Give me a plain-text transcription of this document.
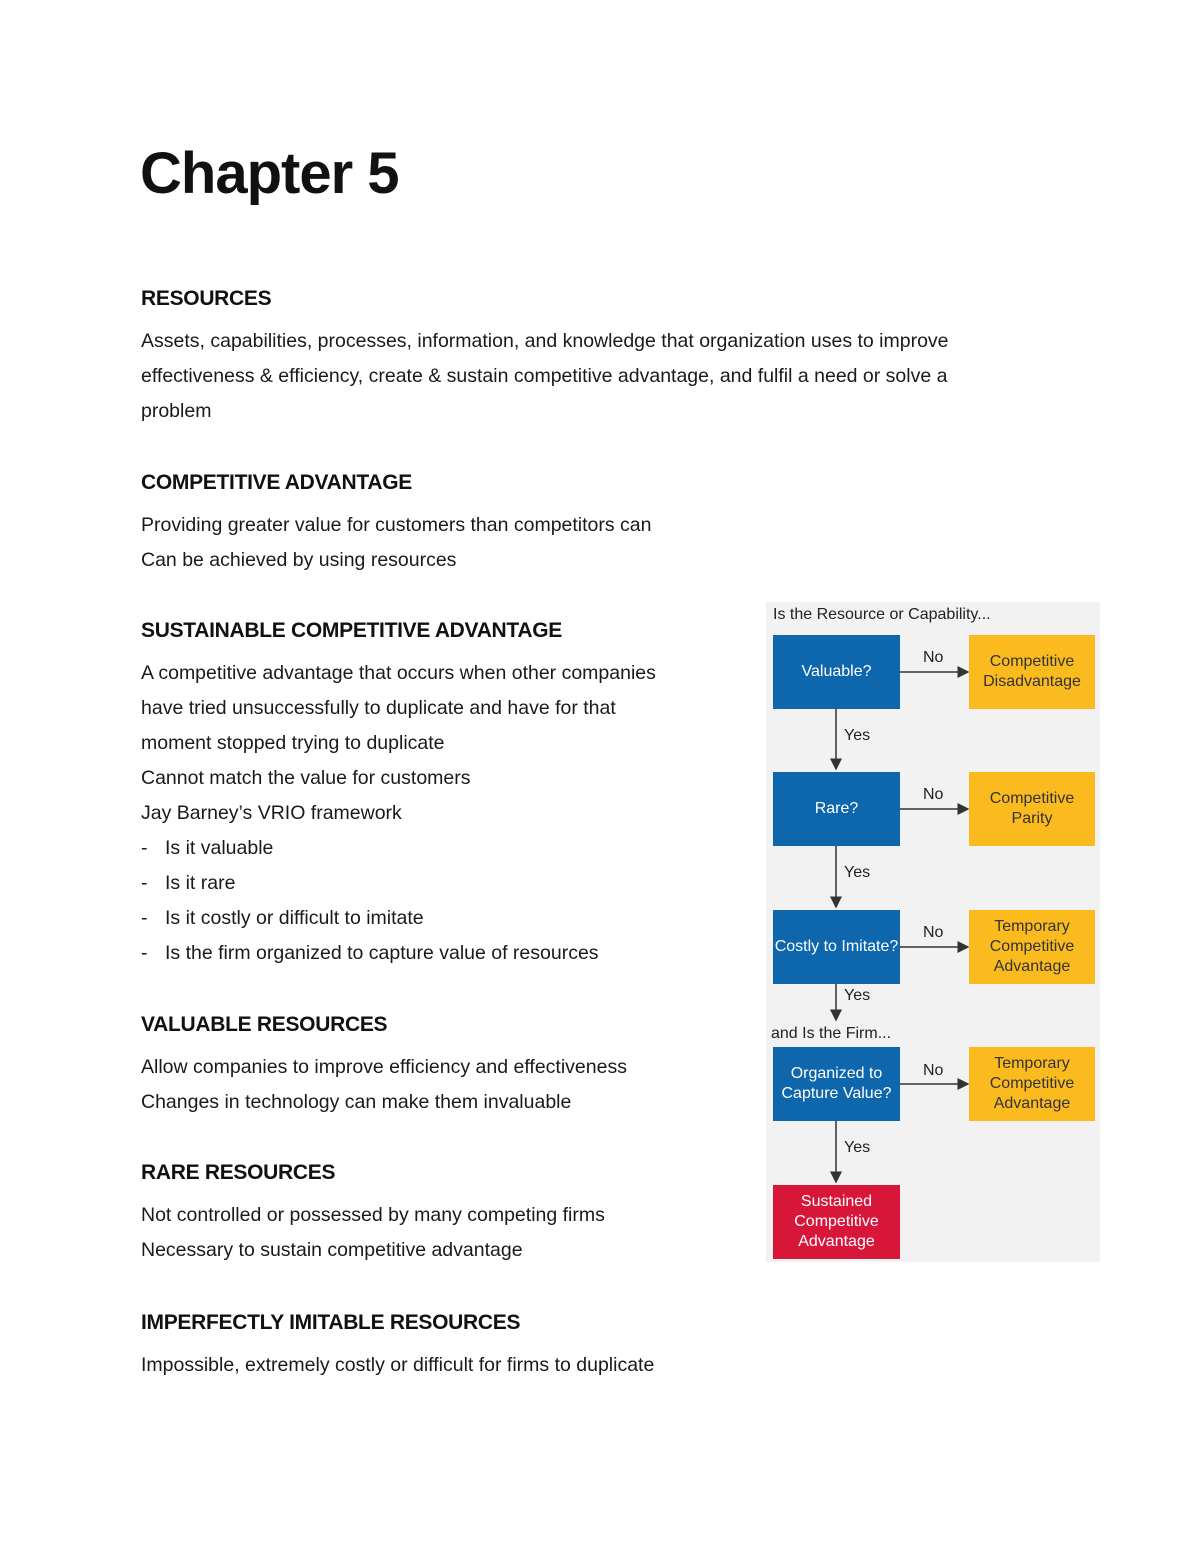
Chapter 5
RESOURCES

Assets, capabilities, processes, information, and knowledge that organization uses to improve

effectiveness & efficiency, create & sustain competitive advantage, and fulfil a need or solve a

problem

COMPETITIVE ADVANTAGE

Providing greater value for customers than competitors can

Can be achieved by using resources

SUSTAINABLE COMPETITIVE ADVANTAGE

A competitive advantage that occurs when other companies

have tried unsuccessfully to duplicate and have for that

moment stopped trying to duplicate

Cannot match the value for customers

Jay Barney’s VRIO framework

- Is it valuable
- Is it rare
- Is it costly or difficult to imitate
- Is the firm organized to capture value of resources
VALUABLE RESOURCES

Allow companies to improve efficiency and effectiveness

Changes in technology can make them invaluable

RARE RESOURCES

Not controlled or possessed by many competing firms

Necessary to sustain competitive advantage

IMPERFECTLY IMITABLE RESOURCES

Impossible, extremely costly or difficult for firms to duplicate

Is the Resource or Capability...
Valuable?
No	Competitive Disadvantage
Yes
Rare?
No	Competitive Parity
Yes
Costly to Imitate?
No	Temporary Competitive Advantage
Yes
and Is the Firm...
Organized to Capture Value?
No	Temporary Competitive Advantage
Yes
Sustained Competitive Advantage
